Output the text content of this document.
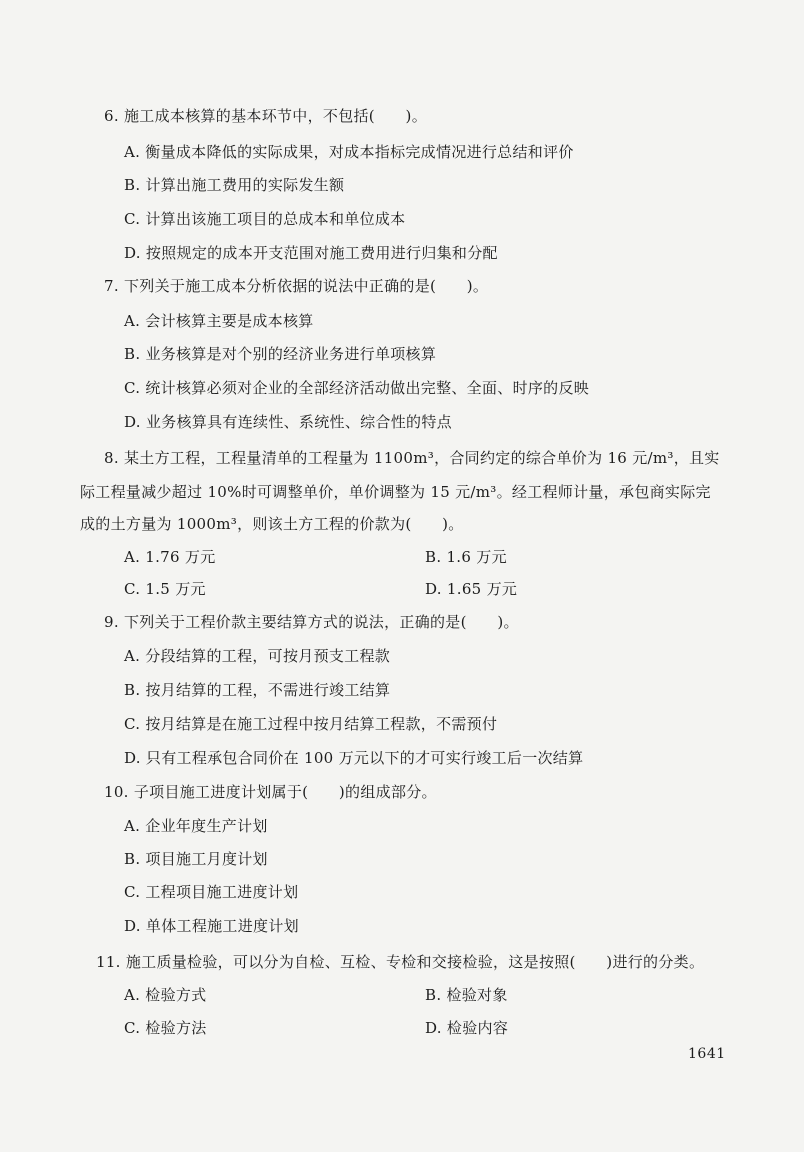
6. 施工成本核算的基本环节中，不包括(　　)。
A. 衡量成本降低的实际成果，对成本指标完成情况进行总结和评价
B. 计算出施工费用的实际发生额
C. 计算出该施工项目的总成本和单位成本
D. 按照规定的成本开支范围对施工费用进行归集和分配
7. 下列关于施工成本分析依据的说法中正确的是(　　)。
A. 会计核算主要是成本核算
B. 业务核算是对个别的经济业务进行单项核算
C. 统计核算必须对企业的全部经济活动做出完整、全面、时序的反映
D. 业务核算具有连续性、系统性、综合性的特点
8. 某土方工程，工程量清单的工程量为 1100m³，合同约定的综合单价为 16 元/m³，且实
际工程量减少超过 10%时可调整单价，单价调整为 15 元/m³。经工程师计量，承包商实际完
成的土方量为 1000m³，则该土方工程的价款为(　　)。
A. 1.76 万元	B. 1.6 万元
C. 1.5 万元	D. 1.65 万元
9. 下列关于工程价款主要结算方式的说法，正确的是(　　)。
A. 分段结算的工程，可按月预支工程款
B. 按月结算的工程，不需进行竣工结算
C. 按月结算是在施工过程中按月结算工程款，不需预付
D. 只有工程承包合同价在 100 万元以下的才可实行竣工后一次结算
10. 子项目施工进度计划属于(　　)的组成部分。
A. 企业年度生产计划
B. 项目施工月度计划
C. 工程项目施工进度计划
D. 单体工程施工进度计划
11. 施工质量检验，可以分为自检、互检、专检和交接检验，这是按照(　　)进行的分类。
A. 检验方式	B. 检验对象
C. 检验方法	D. 检验内容
1641
